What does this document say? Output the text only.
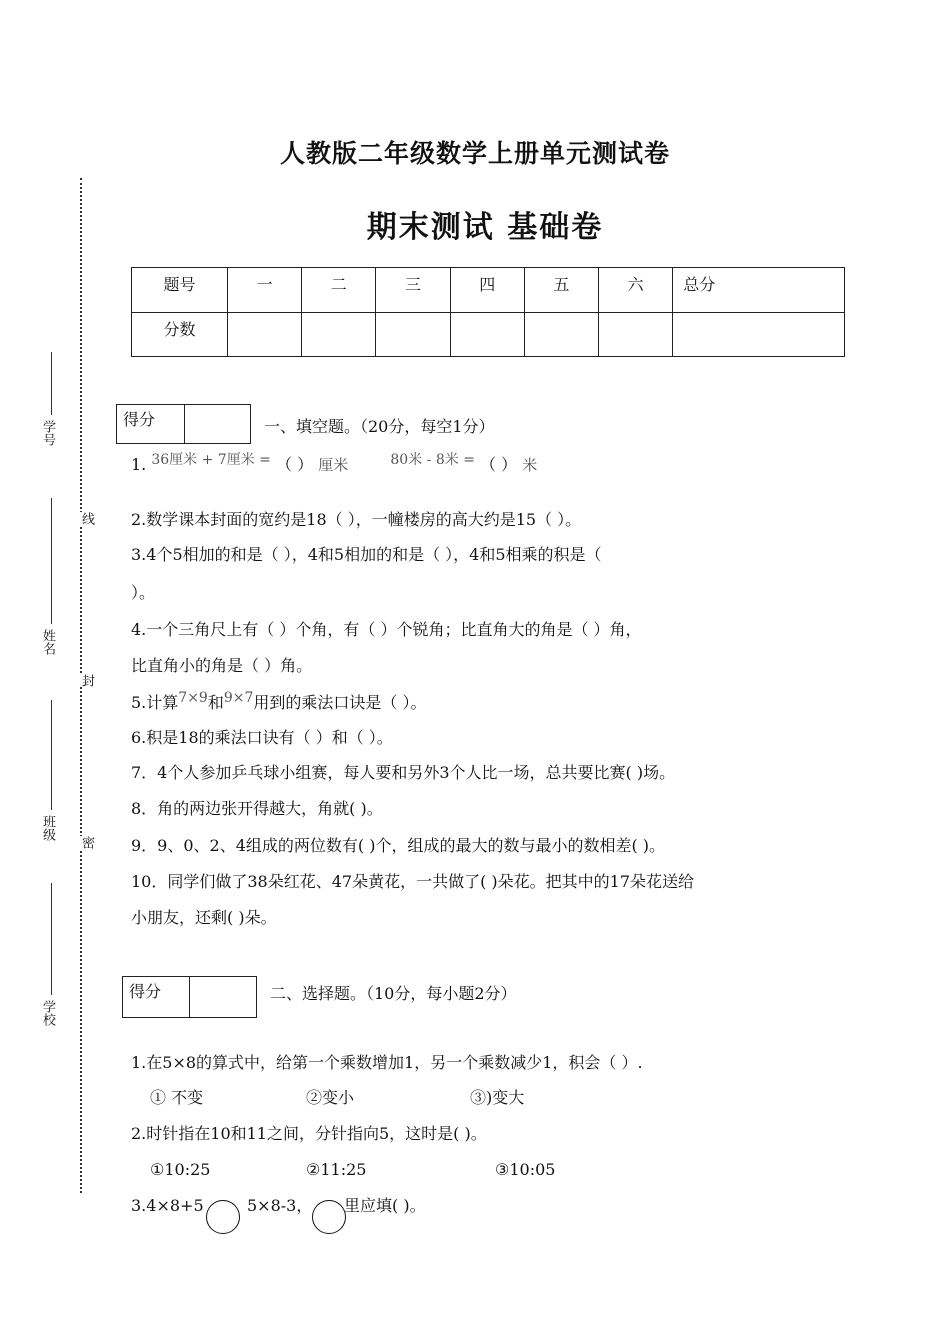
人教版二年级数学上册单元测试卷
期末测试 基础卷
题号	一	二	三	四	五	六	总分
分数							
学号
姓名
班级
学校
线
封
密
得分	一、填空题。（20分，每空1分）
1. 36厘米 + 7厘米 = （ ） 厘米	80米 - 8米 = （ ） 米
2.数学课本封面的宽约是18（ ），一幢楼房的高大约是15（ ）。
3.4个5相加的和是（ ），4和5相加的和是（ ），4和5相乘的积是（
）。
4.一个三角尺上有（ ）个角，有（ ）个锐角；比直角大的角是（ ）角，
比直角小的角是（ ）角。
5.计算7×9和9×7用到的乘法口诀是（ ）。
6.积是18的乘法口诀有（ ）和（ ）。
7．4个人参加乒乓球小组赛，每人要和另外3个人比一场，总共要比赛( )场。
8．角的两边张开得越大，角就( )。
9．9、0、2、4组成的两位数有( )个，组成的最大的数与最小的数相差( )。
10．同学们做了38朵红花、47朵黄花，一共做了( )朵花。把其中的17朵花送给
小朋友，还剩( )朵。
得分	二、选择题。（10分，每小题2分）
1.在5×8的算式中，给第一个乘数增加1，另一个乘数减少1，积会（ ）.
① 不变	②变小	③)变大
2.时针指在10和11之间，分针指向5，这时是( )。
①10:25	②11:25	③10:05
3.4×8+5	5×8-3， 里应填( )。
